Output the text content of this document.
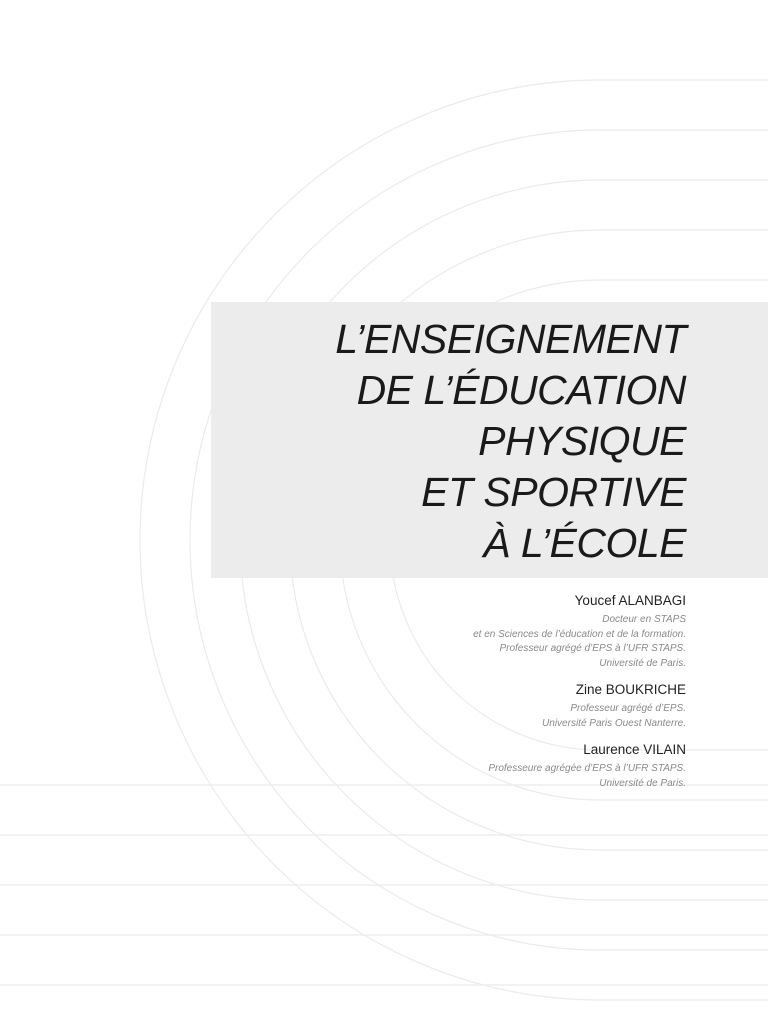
L’ENSEIGNEMENT
DE L’ÉDUCATION
PHYSIQUE
ET SPORTIVE
À L’ÉCOLE
Youcef ALANBAGI
Docteur en STAPS
et en Sciences de l’éducation et de la formation.
Professeur agrégé d’EPS à l’UFR STAPS.
Université de Paris.
Zine BOUKRICHE
Professeur agrégé d’EPS.
Université Paris Ouest Nanterre.
Laurence VILAIN
Professeure agrégée d’EPS à l’UFR STAPS.
Université de Paris.
